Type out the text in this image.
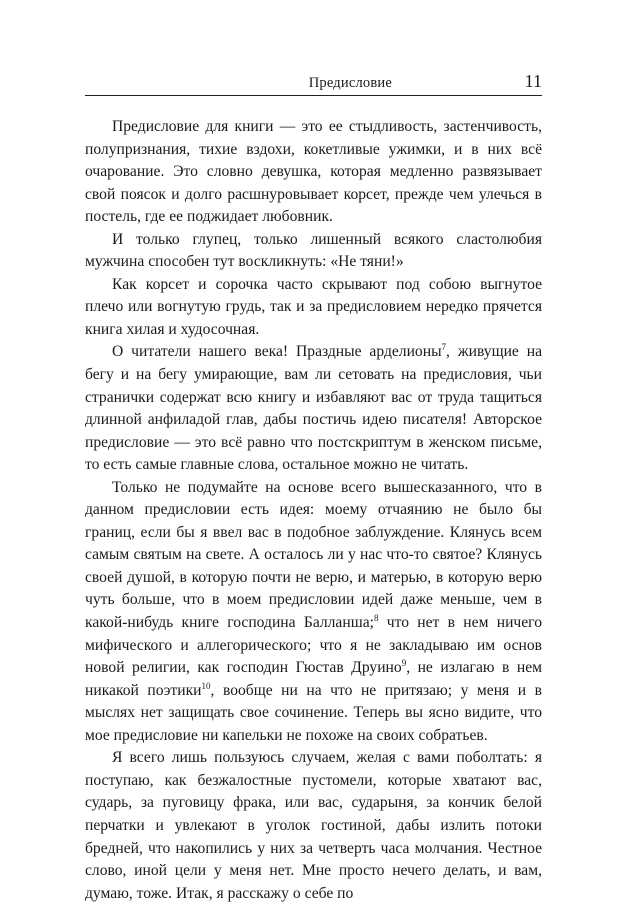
Предисловие	11

Предисловие для книги — это ее стыдливость, застенчивость, полупризнания, тихие вздохи, кокетливые ужимки, и в них всё очарование. Это словно девушка, которая медленно развязывает свой поясок и долго расшнуровывает корсет, прежде чем улечься в постель, где ее поджидает любовник.

И только глупец, только лишенный всякого сластолюбия мужчина способен тут воскликнуть: «Не тяни!»

Как корсет и сорочка часто скрывают под собою выгнутое плечо или вогнутую грудь, так и за предисловием нередко прячется книга хилая и худосочная.

О читатели нашего века! Праздные арделионы$^7$, живущие на бегу и на бегу умирающие, вам ли сетовать на предисловия, чьи странички содержат всю книгу и избавляют вас от труда тащиться длинной анфиладой глав, дабы постичь идею писателя! Авторское предисловие — это всё равно что постскриптум в женском письме, то есть самые главные слова, остальное можно не читать.

Только не подумайте на основе всего вышесказанного, что в данном предисловии есть идея: моему отчаянию не было бы границ, если бы я ввел вас в подобное заблуждение. Клянусь всем самым святым на свете. А осталось ли у нас что-то святое? Клянусь своей душой, в которую почти не верю, и матерью, в которую верю чуть больше, что в моем предисловии идей даже меньше, чем в какой-нибудь книге господина Балланша;$^8$ что нет в нем ничего мифического и аллегорического; что я не закладываю им основ новой религии, как господин Гюстав Друино$^9$, не излагаю в нем никакой поэтики$^{10}$, вообще ни на что не притязаю; у меня и в мыслях нет защищать свое сочинение. Теперь вы ясно видите, что мое предисловие ни капельки не похоже на своих собратьев.

Я всего лишь пользуюсь случаем, желая с вами поболтать: я поступаю, как безжалостные пустомели, которые хватают вас, сударь, за пуговицу фрака, или вас, сударыня, за кончик белой перчатки и увлекают в уголок гостиной, дабы излить потоки бредней, что накопились у них за четверть часа молчания. Честное слово, иной цели у меня нет. Мне просто нечего делать, и вам, думаю, тоже. Итак, я расскажу о себе по
